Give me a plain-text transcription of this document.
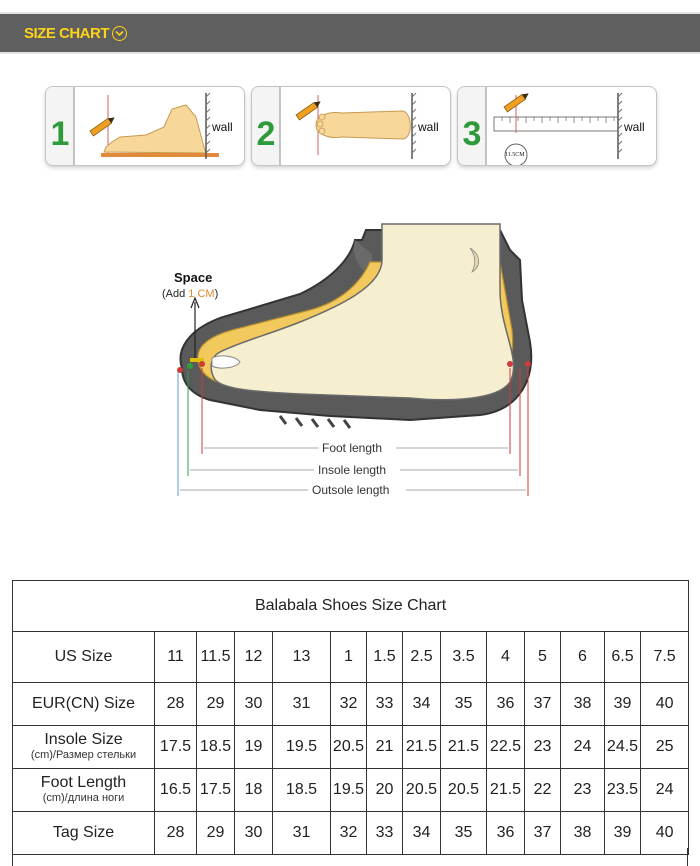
SIZE CHART
1	wall 2	wall 3
11.5CM
wall
Space
(Add 1 CM)
Foot length
Insole length
Outsole length
Balabala Shoes Size Chart													
US Size	11	11.5	12	13	1	1.5	2.5	3.5	4	5	6	6.5	7.5
EUR(CN) Size	28	29	30	31	32	33	34	35	36	37	38	39	40
Insole Size
(cm)/Размер стельки	17.5	18.5	19	19.5	20.5	21	21.5	21.5	22.5	23	24	24.5	25
Foot Length
(cm)/длина ноги	16.5	17.5	18	18.5	19.5	20	20.5	20.5	21.5	22	23	23.5	24
Tag Size	28	29	30	31	32	33	34	35	36	37	38	39	40
